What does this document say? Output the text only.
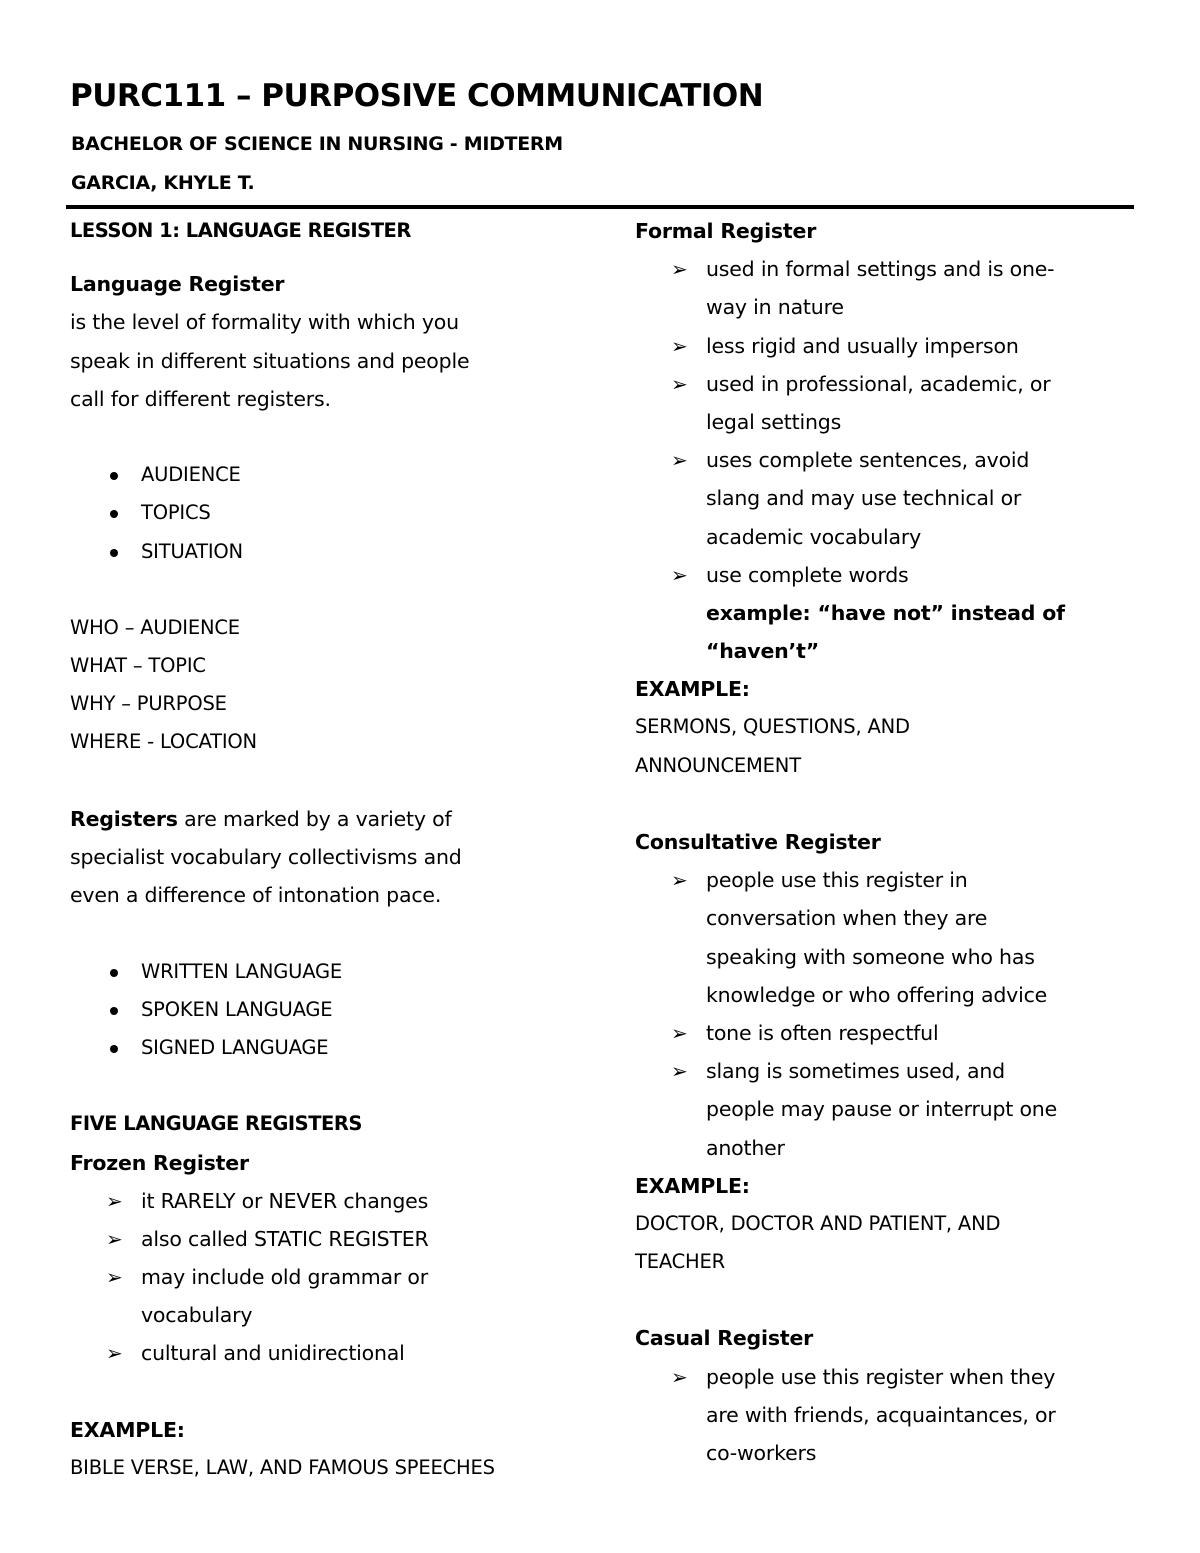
PURC111 – PURPOSIVE COMMUNICATION
BACHELOR OF SCIENCE IN NURSING - MIDTERM
GARCIA, KHYLE T.
LESSON 1: LANGUAGE REGISTER
Language Register
is the level of formality with which you
speak in different situations and people
call for different registers.
AUDIENCE
TOPICS
SITUATION
WHO – AUDIENCE
WHAT – TOPIC
WHY – PURPOSE
WHERE - LOCATION
Registers are marked by a variety of
specialist vocabulary collectivisms and
even a difference of intonation pace.
WRITTEN LANGUAGE
SPOKEN LANGUAGE
SIGNED LANGUAGE
FIVE LANGUAGE REGISTERS
Frozen Register
➢ it RARELY or NEVER changes
➢ also called STATIC REGISTER
➢ may include old grammar or
vocabulary
➢ cultural and unidirectional
EXAMPLE:
BIBLE VERSE, LAW, AND FAMOUS SPEECHES
Formal Register
➢ used in formal settings and is one-
way in nature
➢ less rigid and usually imperson
➢ used in professional, academic, or
legal settings
➢ uses complete sentences, avoid
slang and may use technical or
academic vocabulary
➢ use complete words
example: “have not” instead of
“haven’t”
EXAMPLE:
SERMONS, QUESTIONS, AND
ANNOUNCEMENT
Consultative Register
➢ people use this register in
conversation when they are
speaking with someone who has
knowledge or who offering advice
➢ tone is often respectful
➢ slang is sometimes used, and
people may pause or interrupt one
another
EXAMPLE:
DOCTOR, DOCTOR AND PATIENT, AND
TEACHER
Casual Register
➢ people use this register when they
are with friends, acquaintances, or
co-workers
